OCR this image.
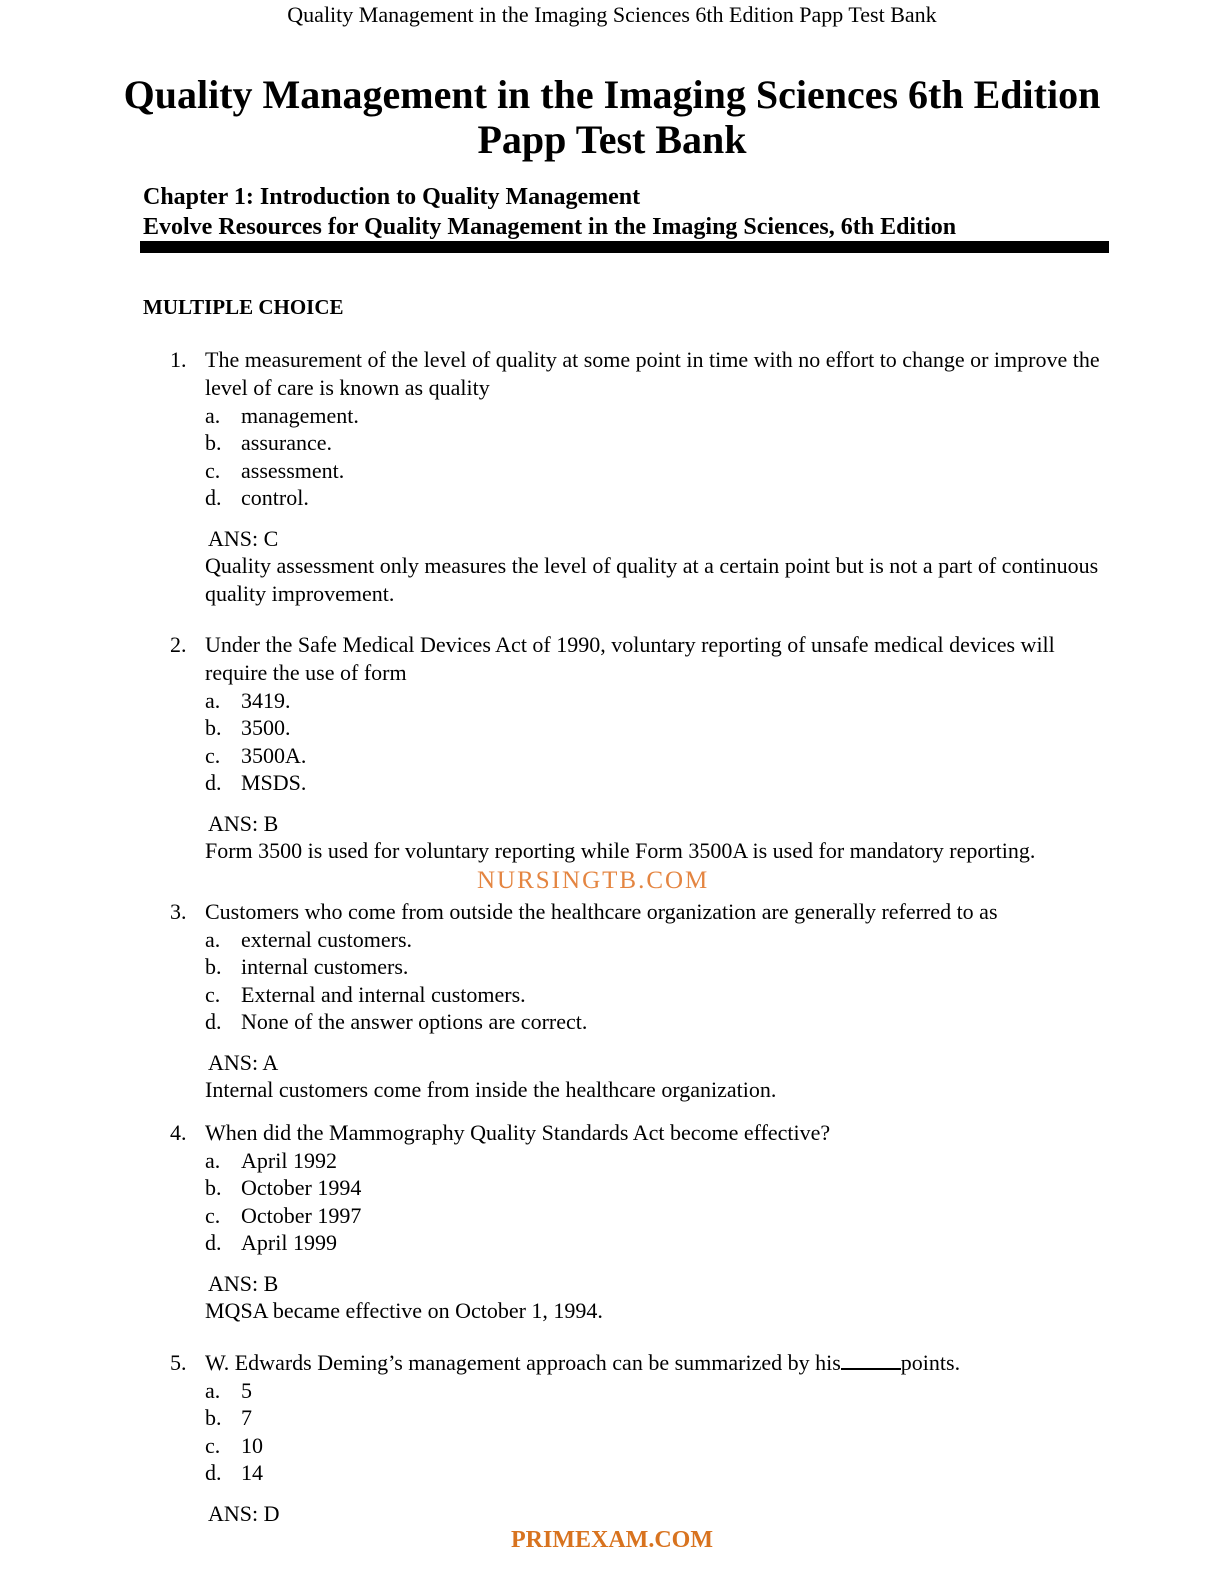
Quality Management in the Imaging Sciences 6th Edition Papp Test Bank
Quality Management in the Imaging Sciences 6th Edition
Papp Test Bank
Chapter 1: Introduction to Quality Management
Evolve Resources for Quality Management in the Imaging Sciences, 6th Edition
MULTIPLE CHOICE
1. The measurement of the level of quality at some point in time with no effort to change or improve the level of care is known as quality
a. management.
b. assurance.
c. assessment.
d. control.
ANS: C
Quality assessment only measures the level of quality at a certain point but is not a part of continuous quality improvement.
2. Under the Safe Medical Devices Act of 1990, voluntary reporting of unsafe medical devices will require the use of form
a. 3419.
b. 3500.
c. 3500A.
d. MSDS.
ANS: B
Form 3500 is used for voluntary reporting while Form 3500A is used for mandatory reporting.
3. Customers who come from outside the healthcare organization are generally referred to as
a. external customers.
b. internal customers.
c. External and internal customers.
d. None of the answer options are correct.
ANS: A
Internal customers come from inside the healthcare organization.
4. When did the Mammography Quality Standards Act become effective?
a. April 1992
b. October 1994
c. October 1997
d. April 1999
ANS: B
MQSA became effective on October 1, 1994.
5. W. Edwards Deming’s management approach can be summarized by his	points.
a. 5
b. 7
c. 10
d. 14
ANS: D
NURSINGTB.COM
PRIMEXAM.COM
